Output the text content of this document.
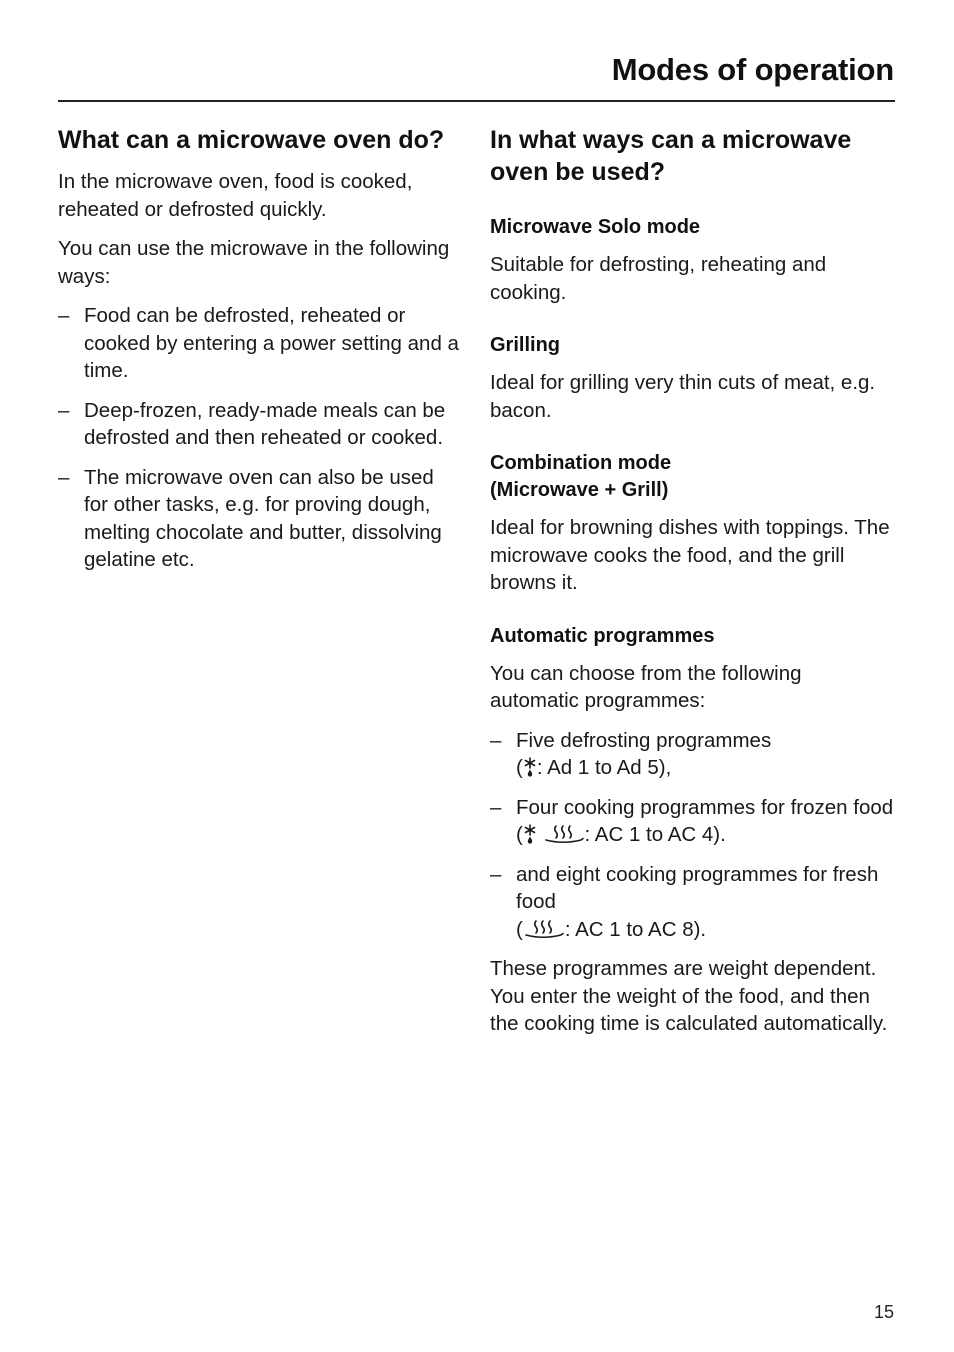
Modes of operation
What can a microwave oven do?

In the microwave oven, food is cooked, reheated or defrosted quickly.

You can use the microwave in the following ways:

– Food can be defrosted, reheated or cooked by entering a power setting and a time.
– Deep-frozen, ready-made meals can be defrosted and then reheated or cooked.
– The microwave oven can also be used for other tasks, e.g. for proving dough, melting chocolate and butter, dissolving gelatine etc.
In what ways can a microwave oven be used?
Microwave Solo mode

Suitable for defrosting, reheating and cooking.

Grilling

Ideal for grilling very thin cuts of meat, e.g. bacon.

Combination mode
(Microwave + Grill)

Ideal for browning dishes with toppings. The microwave cooks the food, and the grill browns it.

Automatic programmes

You can choose from the following automatic programmes:

– Five defrosting programmes
( : Ad 1 to Ad 5),
– Four cooking programmes for frozen food
(	: AC 1 to AC 4).
– and eight cooking programmes for fresh food
( : AC 1 to AC 8).

These programmes are weight dependent. You enter the weight of the food, and then the cooking time is calculated automatically.

15
